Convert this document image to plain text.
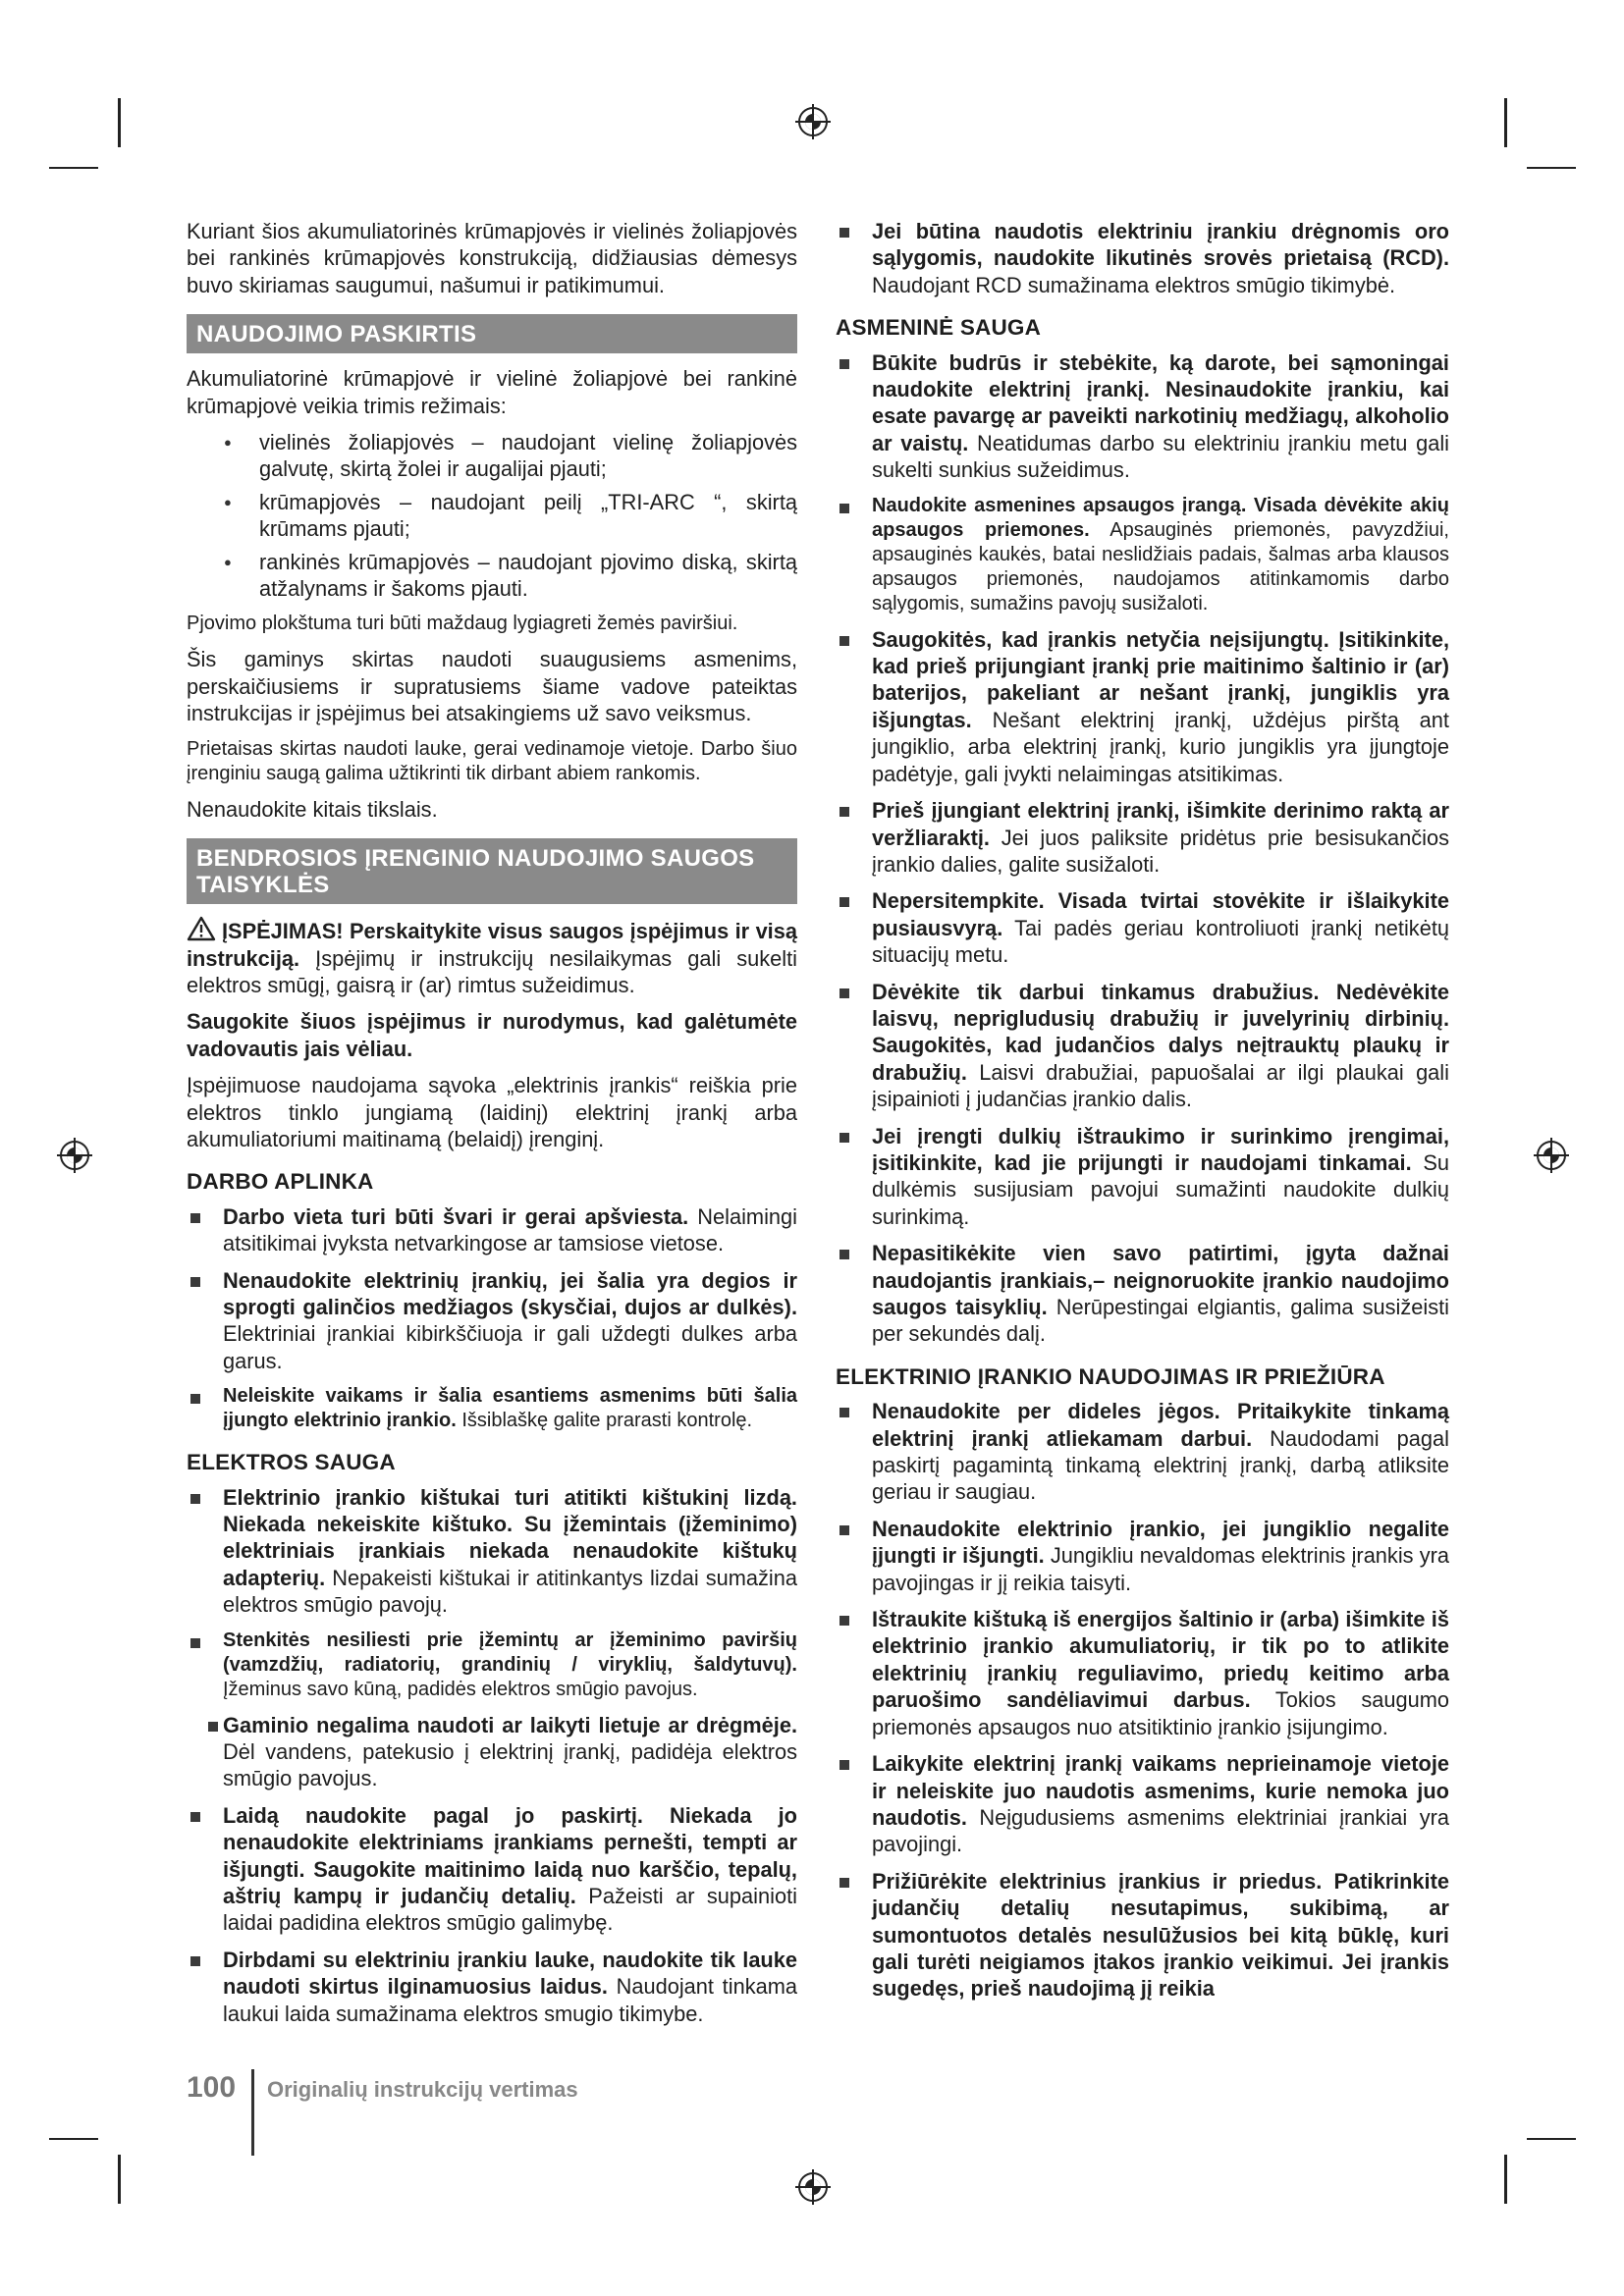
Kuriant šios akumuliatorinės krūmapjovės ir vielinės žoliapjovės bei rankinės krūmapjovės konstrukciją, didžiausias dėmesys buvo skiriamas saugumui, našumui ir patikimumui.

NAUDOJIMO PASKIRTIS

Akumuliatorinė krūmapjovė ir vielinė žoliapjovė bei rankinė krūmapjovė veikia trimis režimais:

● vielinės žoliapjovės – naudojant vielinę žoliapjovės galvutę, skirtą žolei ir augalijai pjauti;
● krūmapjovės – naudojant peilį „TRI-ARC “, skirtą krūmams pjauti;
● rankinės krūmapjovės – naudojant pjovimo diską, skirtą atžalynams ir šakoms pjauti.

Pjovimo plokštuma turi būti maždaug lygiagreti žemės paviršiui.

Šis gaminys skirtas naudoti suaugusiems asmenims, perskaičiusiems ir supratusiems šiame vadove pateiktas instrukcijas ir įspėjimus bei atsakingiems už savo veiksmus.

Prietaisas skirtas naudoti lauke, gerai vedinamoje vietoje. Darbo šiuo įrenginiu saugą galima užtikrinti tik dirbant abiem rankomis.

Nenaudokite kitais tikslais.

BENDROSIOS ĮRENGINIO NAUDOJIMO SAUGOS TAISYKLĖS

ĮSPĖJIMAS! Perskaitykite visus saugos įspėjimus ir visą instrukciją. Įspėjimų ir instrukcijų nesilaikymas gali sukelti elektros smūgį, gaisrą ir (ar) rimtus sužeidimus.

Saugokite šiuos įspėjimus ir nurodymus, kad galėtumėte vadovautis jais vėliau.

Įspėjimuose naudojama sąvoka „elektrinis įrankis“ reiškia prie elektros tinklo jungiamą (laidinį) elektrinį įrankį arba akumuliatoriumi maitinamą (belaidį) įrenginį.

DARBO APLINKA
Darbo vieta turi būti švari ir gerai apšviesta. Nelaimingi atsitikimai įvyksta netvarkingose ar tamsiose vietose.
Nenaudokite elektrinių įrankių, jei šalia yra degios ir sprogti galinčios medžiagos (skysčiai, dujos ar dulkės). Elektriniai įrankiai kibirkščiuoja ir gali uždegti dulkes arba garus.
Neleiskite vaikams ir šalia esantiems asmenims būti šalia įjungto elektrinio įrankio. Išsiblaškę galite prarasti kontrolę.
ELEKTROS SAUGA
Elektrinio įrankio kištukai turi atitikti kištukinį lizdą. Niekada nekeiskite kištuko. Su įžemintais (įžeminimo) elektriniais įrankiais niekada nenaudokite kištukų adapterių. Nepakeisti kištukai ir atitinkantys lizdai sumažina elektros smūgio pavojų.
Stenkitės nesiliesti prie įžemintų ar įžeminimo paviršių (vamzdžių, radiatorių, grandinių / viryklių, šaldytuvų). Įžeminus savo kūną, padidės elektros smūgio pavojus.
Gaminio negalima naudoti ar laikyti lietuje ar drėgmėje. Dėl vandens, patekusio į elektrinį įrankį, padidėja elektros smūgio pavojus.
Laidą naudokite pagal jo paskirtį. Niekada jo nenaudokite elektriniams įrankiams pernešti, tempti ar išjungti. Saugokite maitinimo laidą nuo karščio, tepalų, aštrių kampų ir judančių detalių. Pažeisti ar supainioti laidai padidina elektros smūgio galimybę.
Dirbdami su elektriniu įrankiu lauke, naudokite tik lauke naudoti skirtus ilginamuosius laidus. Naudojant tinkama laukui laida sumažinama elektros smugio tikimybe.
Jei būtina naudotis elektriniu įrankiu drėgnomis oro sąlygomis, naudokite likutinės srovės prietaisą (RCD). Naudojant RCD sumažinama elektros smūgio tikimybė.
ASMENINĖ SAUGA
Būkite budrūs ir stebėkite, ką darote, bei sąmoningai naudokite elektrinį įrankį. Nesinaudokite įrankiu, kai esate pavargę ar paveikti narkotinių medžiagų, alkoholio ar vaistų. Neatidumas darbo su elektriniu įrankiu metu gali sukelti sunkius sužeidimus.
Naudokite asmenines apsaugos įrangą. Visada dėvėkite akių apsaugos priemones. Apsauginės priemonės, pavyzdžiui, apsauginės kaukės, batai neslidžiais padais, šalmas arba klausos apsaugos priemonės, naudojamos atitinkamomis darbo sąlygomis, sumažins pavojų susižaloti.
Saugokitės, kad įrankis netyčia neįsijungtų. Įsitikinkite, kad prieš prijungiant įrankį prie maitinimo šaltinio ir (ar) baterijos, pakeliant ar nešant įrankį, jungiklis yra išjungtas. Nešant elektrinį įrankį, uždėjus pirštą ant jungiklio, arba elektrinį įrankį, kurio jungiklis yra įjungtoje padėtyje, gali įvykti nelaimingas atsitikimas.
Prieš įjungiant elektrinį įrankį, išimkite derinimo raktą ar veržliaraktį. Jei juos paliksite pridėtus prie besisukančios įrankio dalies, galite susižaloti.
Nepersitempkite. Visada tvirtai stovėkite ir išlaikykite pusiausvyrą. Tai padės geriau kontroliuoti įrankį netikėtų situacijų metu.
Dėvėkite tik darbui tinkamus drabužius. Nedėvėkite laisvų, neprigludusių drabužių ir juvelyrinių dirbinių. Saugokitės, kad judančios dalys neįtrauktų plaukų ir drabužių. Laisvi drabužiai, papuošalai ar ilgi plaukai gali įsipainioti į judančias įrankio dalis.
Jei įrengti dulkių ištraukimo ir surinkimo įrengimai, įsitikinkite, kad jie prijungti ir naudojami tinkamai. Su dulkėmis susijusiam pavojui sumažinti naudokite dulkių surinkimą.
Nepasitikėkite vien savo patirtimi, įgyta dažnai naudojantis įrankiais,– neignoruokite įrankio naudojimo saugos taisyklių. Nerūpestingai elgiantis, galima susižeisti per sekundės dalį.
ELEKTRINIO ĮRANKIO NAUDOJIMAS IR PRIEŽIŪRA
Nenaudokite per dideles jėgos. Pritaikykite tinkamą elektrinį įrankį atliekamam darbui. Naudodami pagal paskirtį pagamintą tinkamą elektrinį įrankį, darbą atliksite geriau ir saugiau.
Nenaudokite elektrinio įrankio, jei jungiklio negalite įjungti ir išjungti. Jungikliu nevaldomas elektrinis įrankis yra pavojingas ir jį reikia taisyti.
Ištraukite kištuką iš energijos šaltinio ir (arba) išimkite iš elektrinio įrankio akumuliatorių, ir tik po to atlikite elektrinių įrankių reguliavimo, priedų keitimo arba paruošimo sandėliavimui darbus. Tokios saugumo priemonės apsaugos nuo atsitiktinio įrankio įsijungimo.
Laikykite elektrinį įrankį vaikams neprieinamoje vietoje ir neleiskite juo naudotis asmenims, kurie nemoka juo naudotis. Neįgudusiems asmenims elektriniai įrankiai yra pavojingi.
Prižiūrėkite elektrinius įrankius ir priedus. Patikrinkite judančių detalių nesutapimus, sukibimą, ar sumontuotos detalės nesulūžusios bei kitą būklę, kuri gali turėti neigiamos įtakos įrankio veikimui. Jei įrankis sugedęs, prieš naudojimą jį reikia
100 Originalių instrukcijų vertimas
